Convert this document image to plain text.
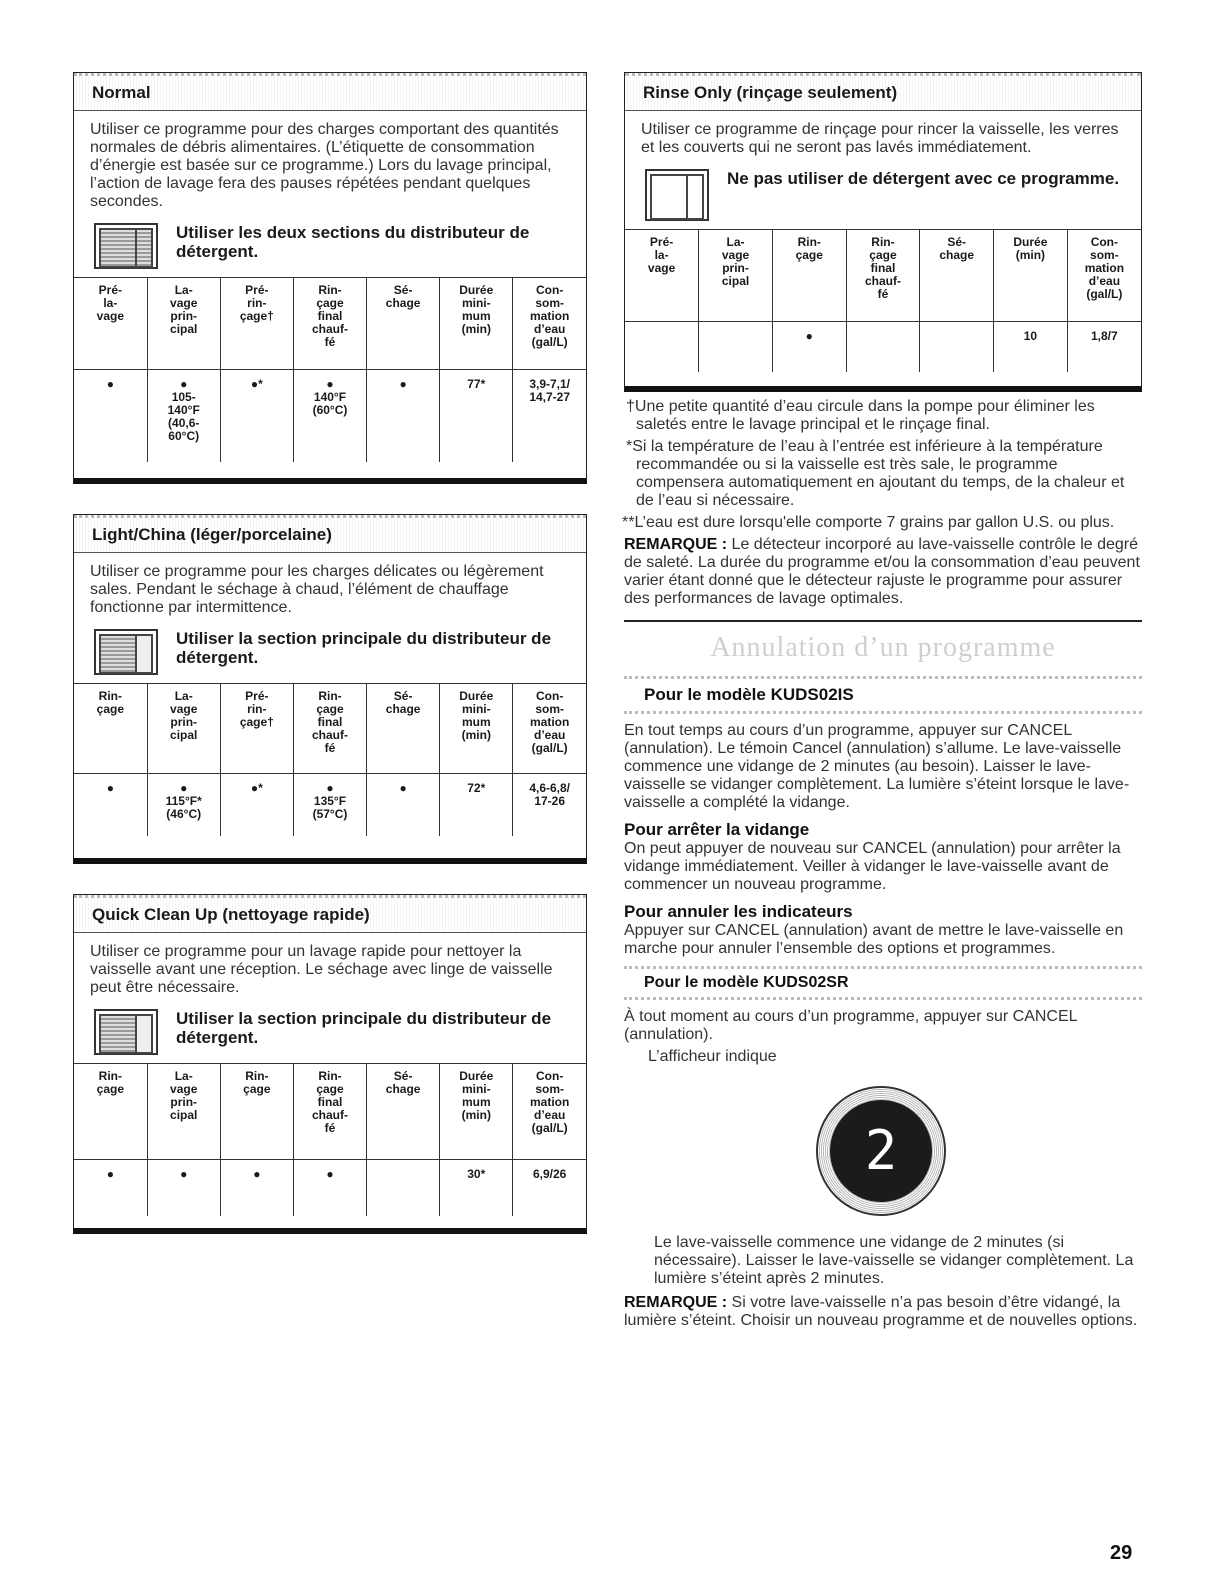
Normal
Utiliser ce programme pour des charges comportant des quantités normales de débris alimentaires. (L’étiquette de consommation d’énergie est basée sur ce programme.) Lors du lavage principal, l’action de lavage fera des pauses répétées pendant quelques secondes.
Utiliser les deux sections du distributeur de détergent.
Pré-
la-
vage	La-
vage
prin-
cipal	Pré-
rin-
çage†	Rin-
çage
final
chauf-
fé	Sé-
chage	Durée
mini-
mum
(min)	Con-
som-
mation
d’eau
(gal/L)
●	●
105-
140°F
(40,6-
60°C)	●*	●
140°F
(60°C)	●	77*	3,9-7,1/
14,7-27
Light/China (léger/porcelaine)
Utiliser ce programme pour les charges délicates ou légèrement sales. Pendant le séchage à chaud, l’élément de chauffage fonctionne par intermittence.
Utiliser la section principale du distributeur de détergent.
Rin-
çage	La-
vage
prin-
cipal	Pré-
rin-
çage†	Rin-
çage
final
chauf-
fé	Sé-
chage	Durée
mini-
mum
(min)	Con-
som-
mation
d’eau
(gal/L)
●	●
115°F*
(46°C)	●*	●
135°F
(57°C)	●	72*	4,6-6,8/
17-26
Quick Clean Up (nettoyage rapide)
Utiliser ce programme pour un lavage rapide pour nettoyer la vaisselle avant une réception. Le séchage avec linge de vaisselle peut être nécessaire.
Utiliser la section principale du distributeur de détergent.
Rin-
çage	La-
vage
prin-
cipal	Rin-
çage	Rin-
çage
final
chauf-
fé	Sé-
chage	Durée
mini-
mum
(min)	Con-
som-
mation
d’eau
(gal/L)
●	●	●	●		30*	6,9/26
Rinse Only (rinçage seulement)
Utiliser ce programme de rinçage pour rincer la vaisselle, les verres et les couverts qui ne seront pas lavés immédiatement.
Ne pas utiliser de détergent avec ce programme.
Pré-
la-
vage	La-
vage
prin-
cipal	Rin-
çage	Rin-
çage
final
chauf-
fé	Sé-
chage	Durée
(min)	Con-
som-
mation
d’eau
(gal/L)
		●			10	1,8/7
†Une petite quantité d’eau circule dans la pompe pour éliminer les saletés entre le lavage principal et le rinçage final.
*Si la température de l’eau à l’entrée est inférieure à la température recommandée ou si la vaisselle est très sale, le programme compensera automatiquement en ajoutant du temps, de la chaleur et de l’eau si nécessaire.
**L’eau est dure lorsqu'elle comporte 7 grains par gallon U.S. ou plus.
REMARQUE : Le détecteur incorporé au lave-vaisselle contrôle le degré de saleté. La durée du programme et/ou la consommation d’eau peuvent varier étant donné que le détecteur rajuste le programme pour assurer des performances de lavage optimales.
Annulation d’un programme
Pour le modèle KUDS02IS
En tout temps au cours d’un programme, appuyer sur CANCEL (annulation). Le témoin Cancel (annulation) s’allume. Le lave-vaisselle commence une vidange de 2 minutes (au besoin). Laisser le lave-vaisselle se vidanger complètement. La lumière s’éteint lorsque le lave-vaisselle a complété la vidange.
Pour arrêter la vidange
On peut appuyer de nouveau sur CANCEL (annulation) pour arrêter la vidange immédiatement. Veiller à vidanger le lave-vaisselle avant de commencer un nouveau programme.
Pour annuler les indicateurs
Appuyer sur CANCEL (annulation) avant de mettre le lave-vaisselle en marche pour annuler l’ensemble des options et programmes.
Pour le modèle KUDS02SR
À tout moment au cours d’un programme, appuyer sur CANCEL (annulation).
L’afficheur indique
2
Le lave-vaisselle commence une vidange de 2 minutes (si nécessaire). Laisser le lave-vaisselle se vidanger complètement. La lumière s’éteint après 2 minutes.
REMARQUE : Si votre lave-vaisselle n’a pas besoin d’être vidangé, la lumière s’éteint. Choisir un nouveau programme et de nouvelles options.
29
